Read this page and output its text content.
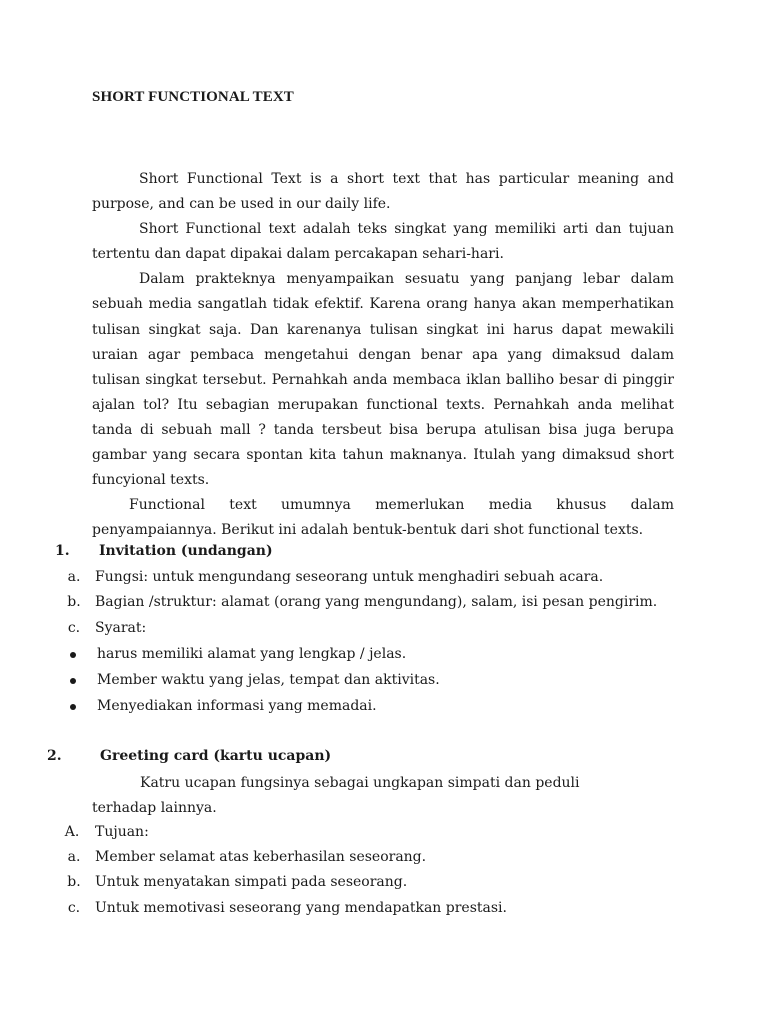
SHORT FUNCTIONAL TEXT

Short Functional Text is a short text that has particular meaning and purpose, and can be used in our daily life.

Short Functional text adalah teks singkat yang memiliki arti dan tujuan tertentu dan dapat dipakai dalam percakapan sehari-hari.

Dalam prakteknya menyampaikan sesuatu yang panjang lebar dalam sebuah media sangatlah tidak efektif. Karena orang hanya akan memperhatikan tulisan singkat saja. Dan karenanya tulisan singkat ini harus dapat mewakili uraian agar pembaca mengetahui dengan benar apa yang dimaksud dalam tulisan singkat tersebut. Pernahkah anda membaca iklan balliho besar di pinggir ajalan tol? Itu sebagian merupakan functional texts. Pernahkah anda melihat tanda di sebuah mall ? tanda tersbeut bisa berupa atulisan bisa juga berupa gambar yang secara spontan kita tahun maknanya. Itulah yang dimaksud short funcyional texts.

Functional text umumnya memerlukan media khusus dalam penyampaiannya. Berikut ini adalah bentuk-bentuk dari shot functional texts.

1. Invitation (undangan)
a. Fungsi: untuk mengundang seseorang untuk menghadiri sebuah acara.
b. Bagian /struktur: alamat (orang yang mengundang), salam, isi pesan pengirim.
c. Syarat:
harus memiliki alamat yang lengkap / jelas.
Member waktu yang jelas, tempat dan aktivitas.
Menyediakan informasi yang memadai.
2.	Greeting card (kartu ucapan)

Katru ucapan fungsinya sebagai ungkapan simpati dan peduli terhadap lainnya.

A. Tujuan:
a. Member selamat atas keberhasilan seseorang.
b. Untuk menyatakan simpati pada seseorang.
c. Untuk memotivasi seseorang yang mendapatkan prestasi.
